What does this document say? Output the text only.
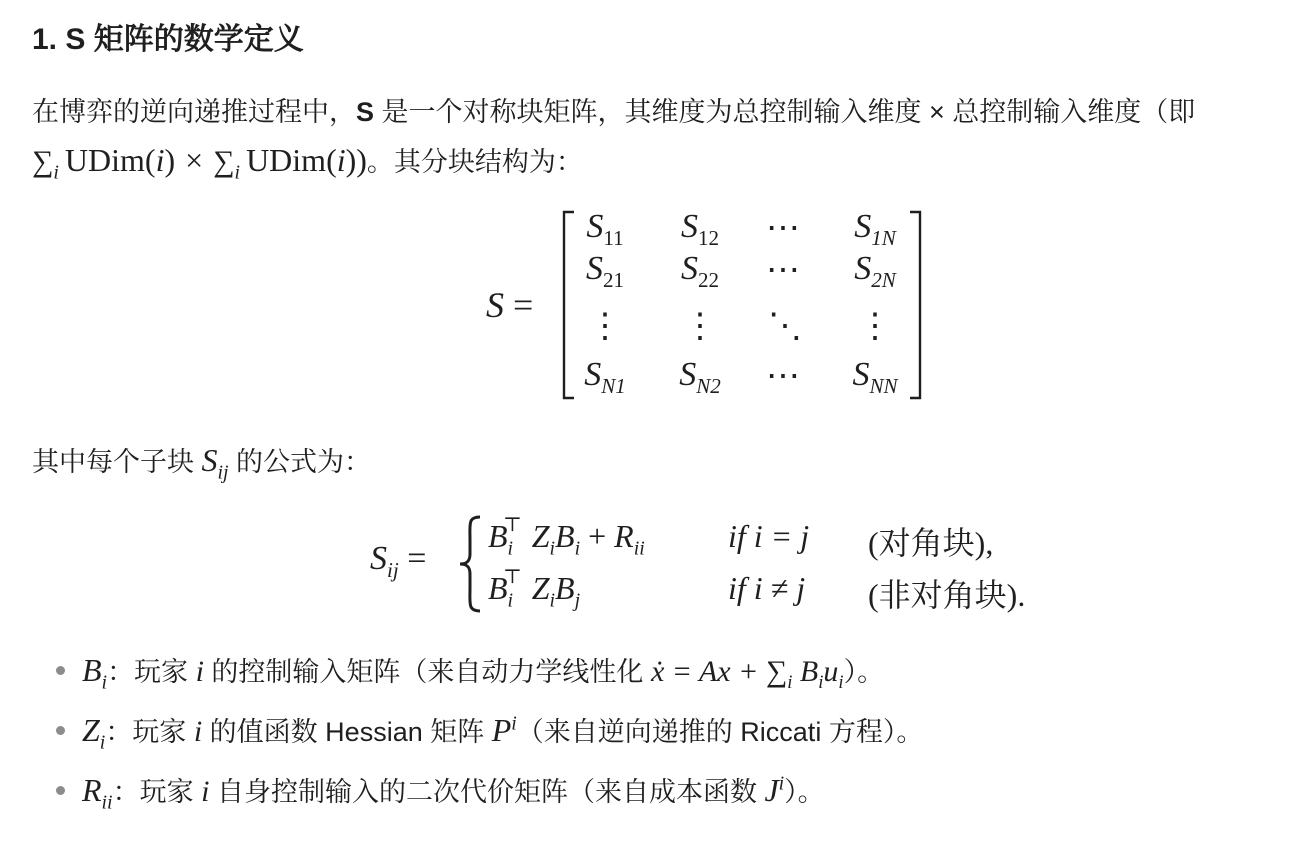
1. S 矩阵的数学定义
在博弈的逆向递推过程中，S 是一个对称块矩阵，其维度为总控制输入维度 × 总控制输入维度（即
$\sum_i$ UDim(i) × $\sum_i$ UDim(i))。其分块结构为：
S =
$S_{11}$	$S_{12}$	⋯	$S_{1N}$
$S_{21}$	$S_{22}$	⋯	$S_{2N}$
⋮	⋮	⋱	⋮
$S_{N1}$	$S_{N2}$	⋯	$S_{NN}$
其中每个子块 $S_{ij}$ 的公式为：
$S_{ij}$ =
$B_i^⊤$ $Z_iB_i + R_{ii}$	if i = j (对角块),
$B_i^⊤$ $Z_iB_j$	if i ≠ j (非对角块).
$B_i$：玩家 i 的控制输入矩阵（来自动力学线性化 ẋ = $Ax + \sum_i$ $B_iu_i$）。
$Z_i$：玩家 i 的值函数 Hessian 矩阵 $P^i$（来自逆向递推的 Riccati 方程）。
$R_{ii}$：玩家 i 自身控制输入的二次代价矩阵（来自成本函数 $J^i$）。
